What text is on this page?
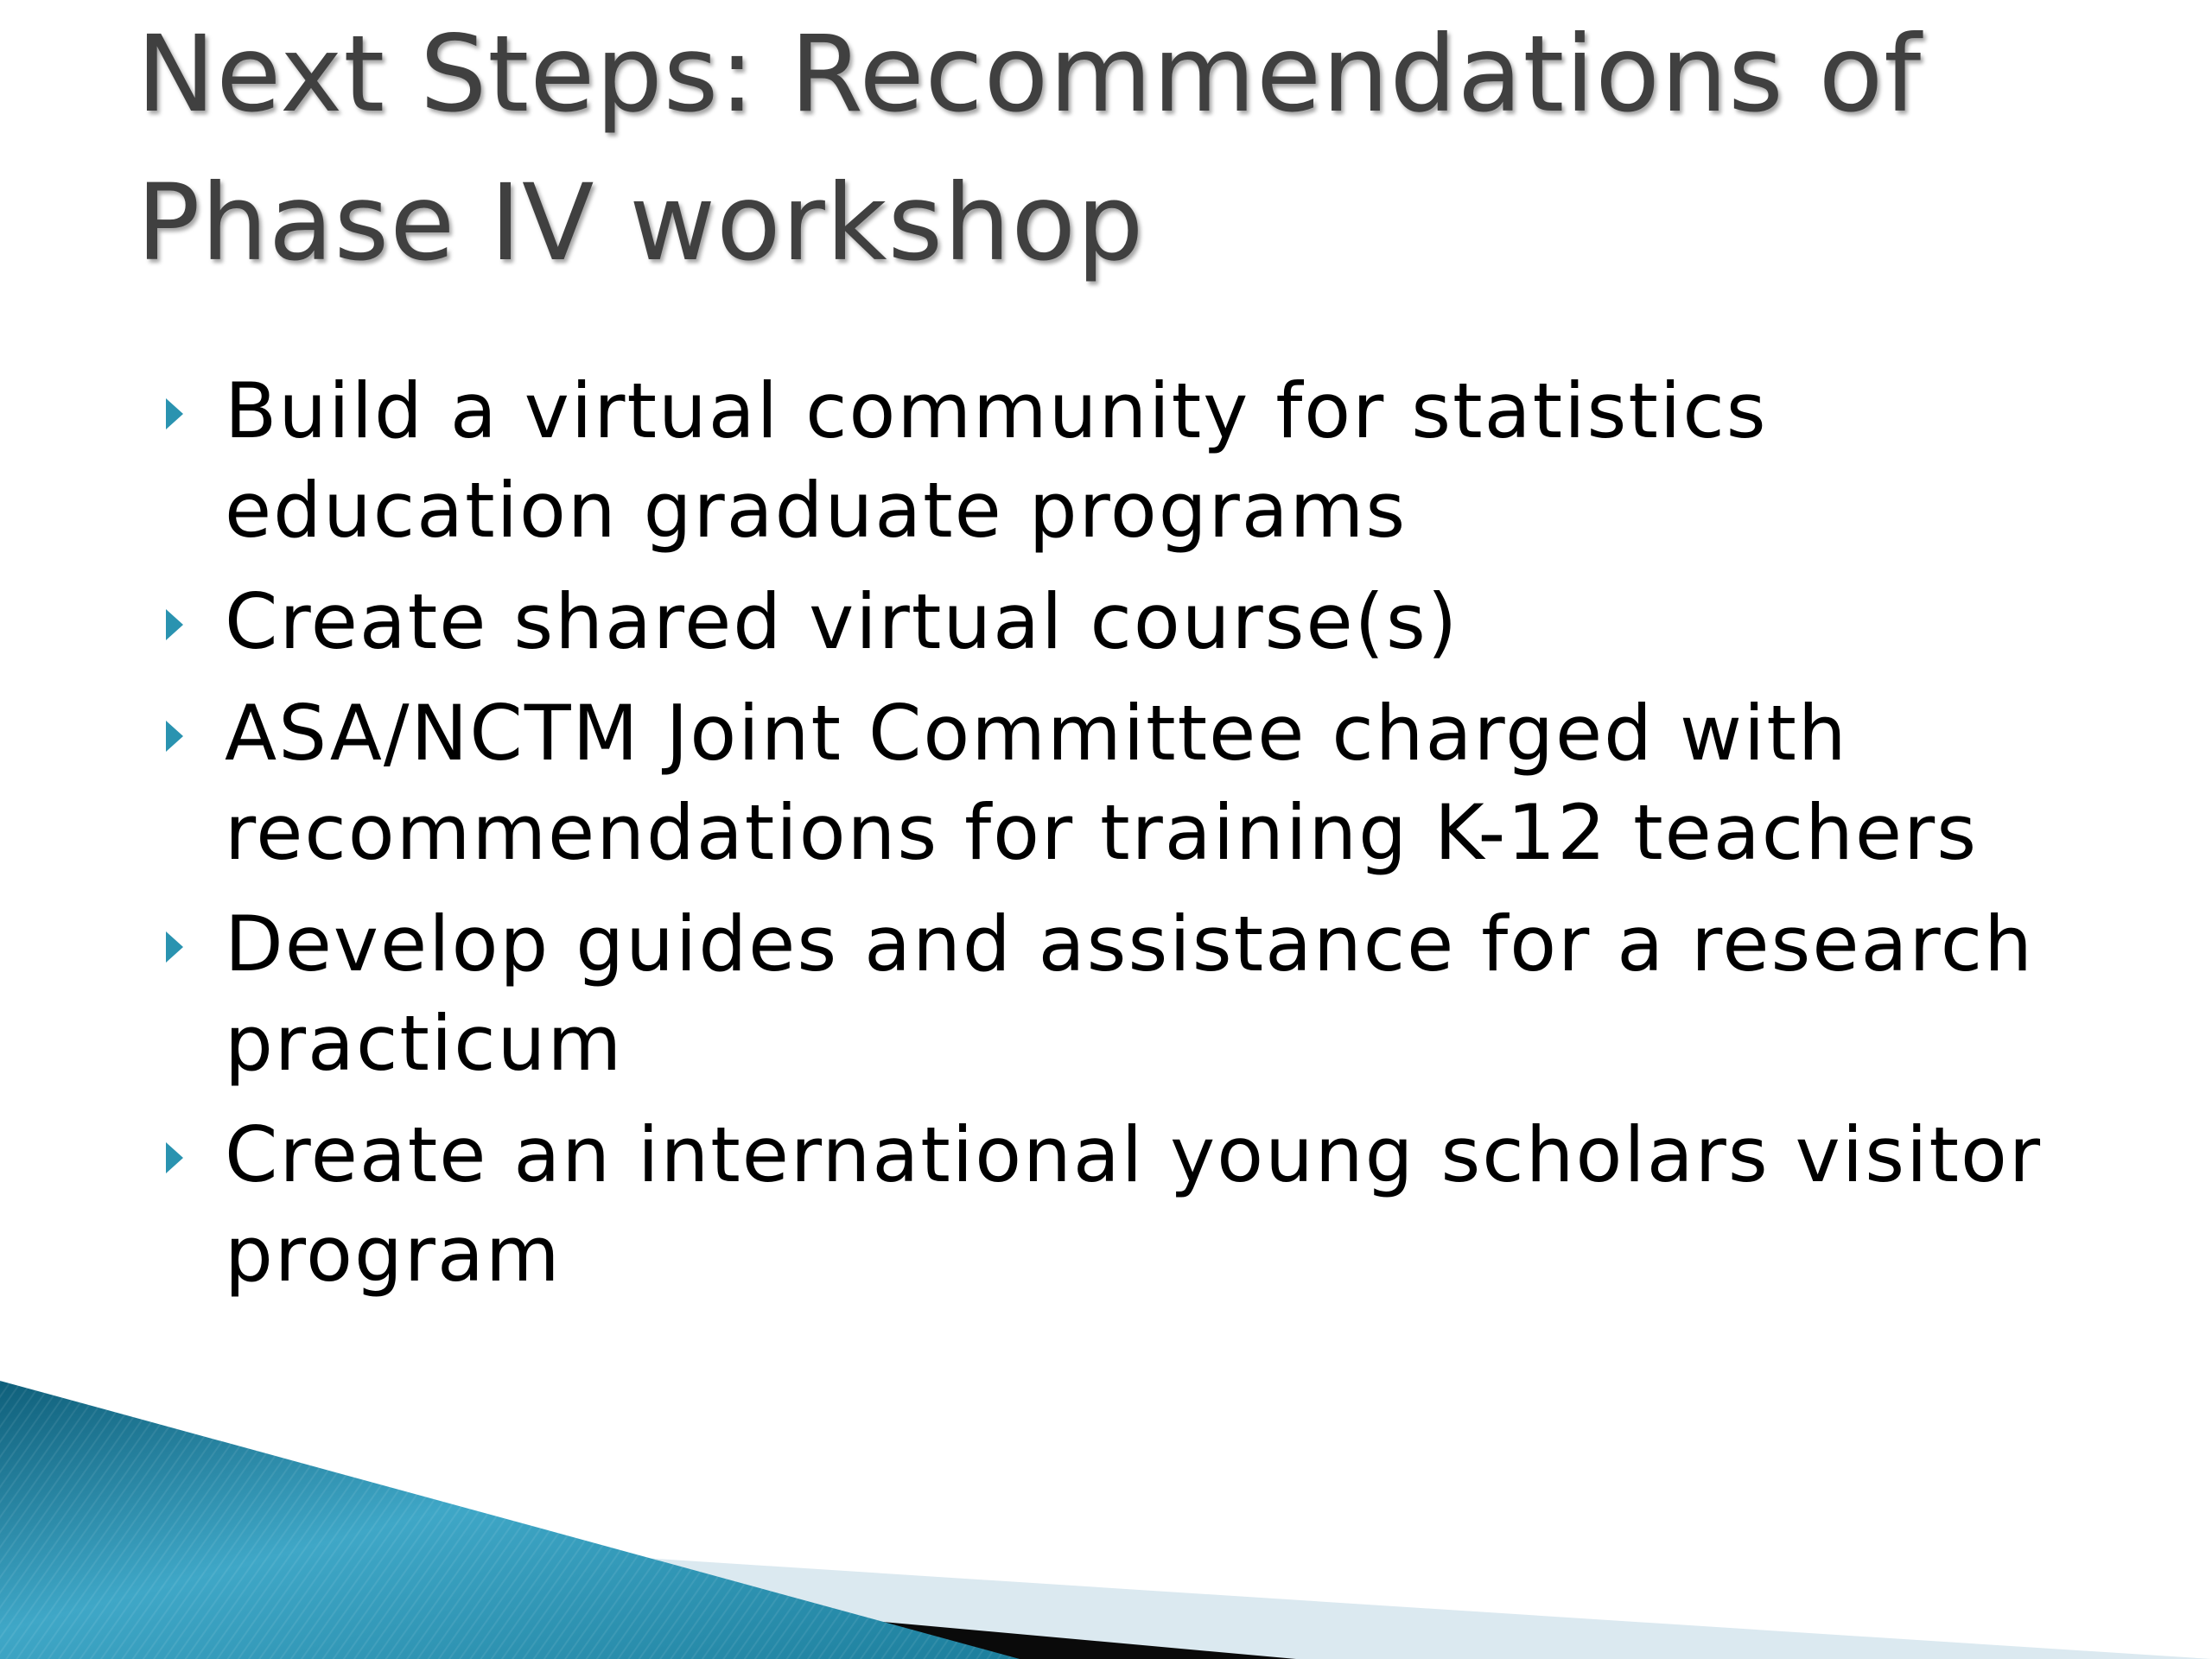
Next Steps: Recommendations of Phase IV workshop
Build a virtual community for statistics education graduate programs
Create shared virtual course(s)
ASA/NCTM Joint Committee charged with recommendations for training K-12 teachers
Develop guides and assistance for a research practicum
Create an international young scholars visitor program
